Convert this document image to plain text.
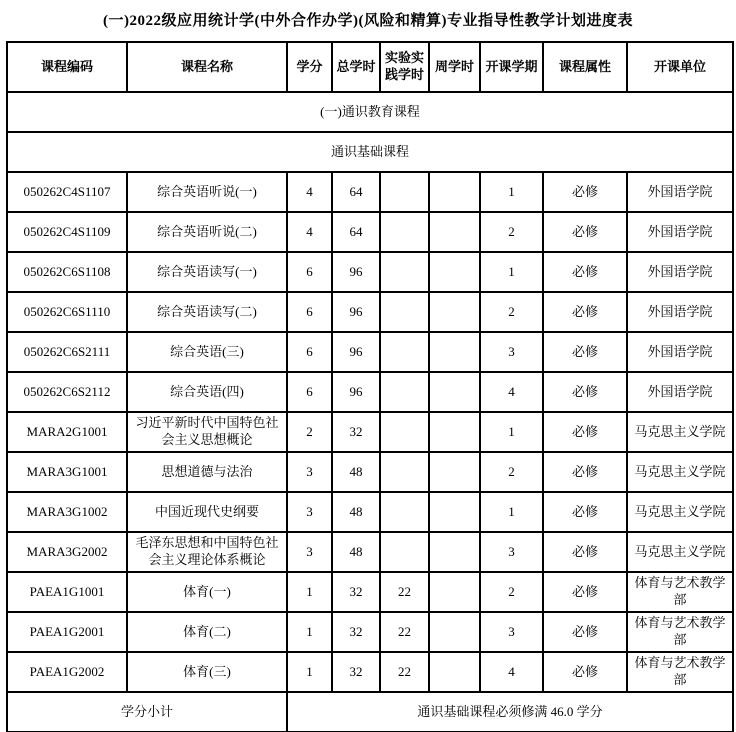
(一)2022级应用统计学(中外合作办学)(风险和精算)专业指导性教学计划进度表
课程编码	课程名称	学分	总学时	实验实践学时	周学时	开课学期	课程属性	开课单位
(一)通识教育课程								
通识基础课程								
050262C4S1107	综合英语听说(一)	4	64			1	必修	外国语学院
050262C4S1109	综合英语听说(二)	4	64			2	必修	外国语学院
050262C6S1108	综合英语读写(一)	6	96			1	必修	外国语学院
050262C6S1110	综合英语读写(二)	6	96			2	必修	外国语学院
050262C6S2111	综合英语(三)	6	96			3	必修	外国语学院
050262C6S2112	综合英语(四)	6	96			4	必修	外国语学院
MARA2G1001	习近平新时代中国特色社会主义思想概论	2	32			1	必修	马克思主义学院
MARA3G1001	思想道德与法治	3	48			2	必修	马克思主义学院
MARA3G1002	中国近现代史纲要	3	48			1	必修	马克思主义学院
MARA3G2002	毛泽东思想和中国特色社会主义理论体系概论	3	48			3	必修	马克思主义学院
PAEA1G1001	体育(一)	1	32	22		2	必修	体育与艺术教学部
PAEA1G2001	体育(二)	1	32	22		3	必修	体育与艺术教学部
PAEA1G2002	体育(三)	1	32	22		4	必修	体育与艺术教学部
学分小计		通识基础课程必须修满 46.0 学分						
